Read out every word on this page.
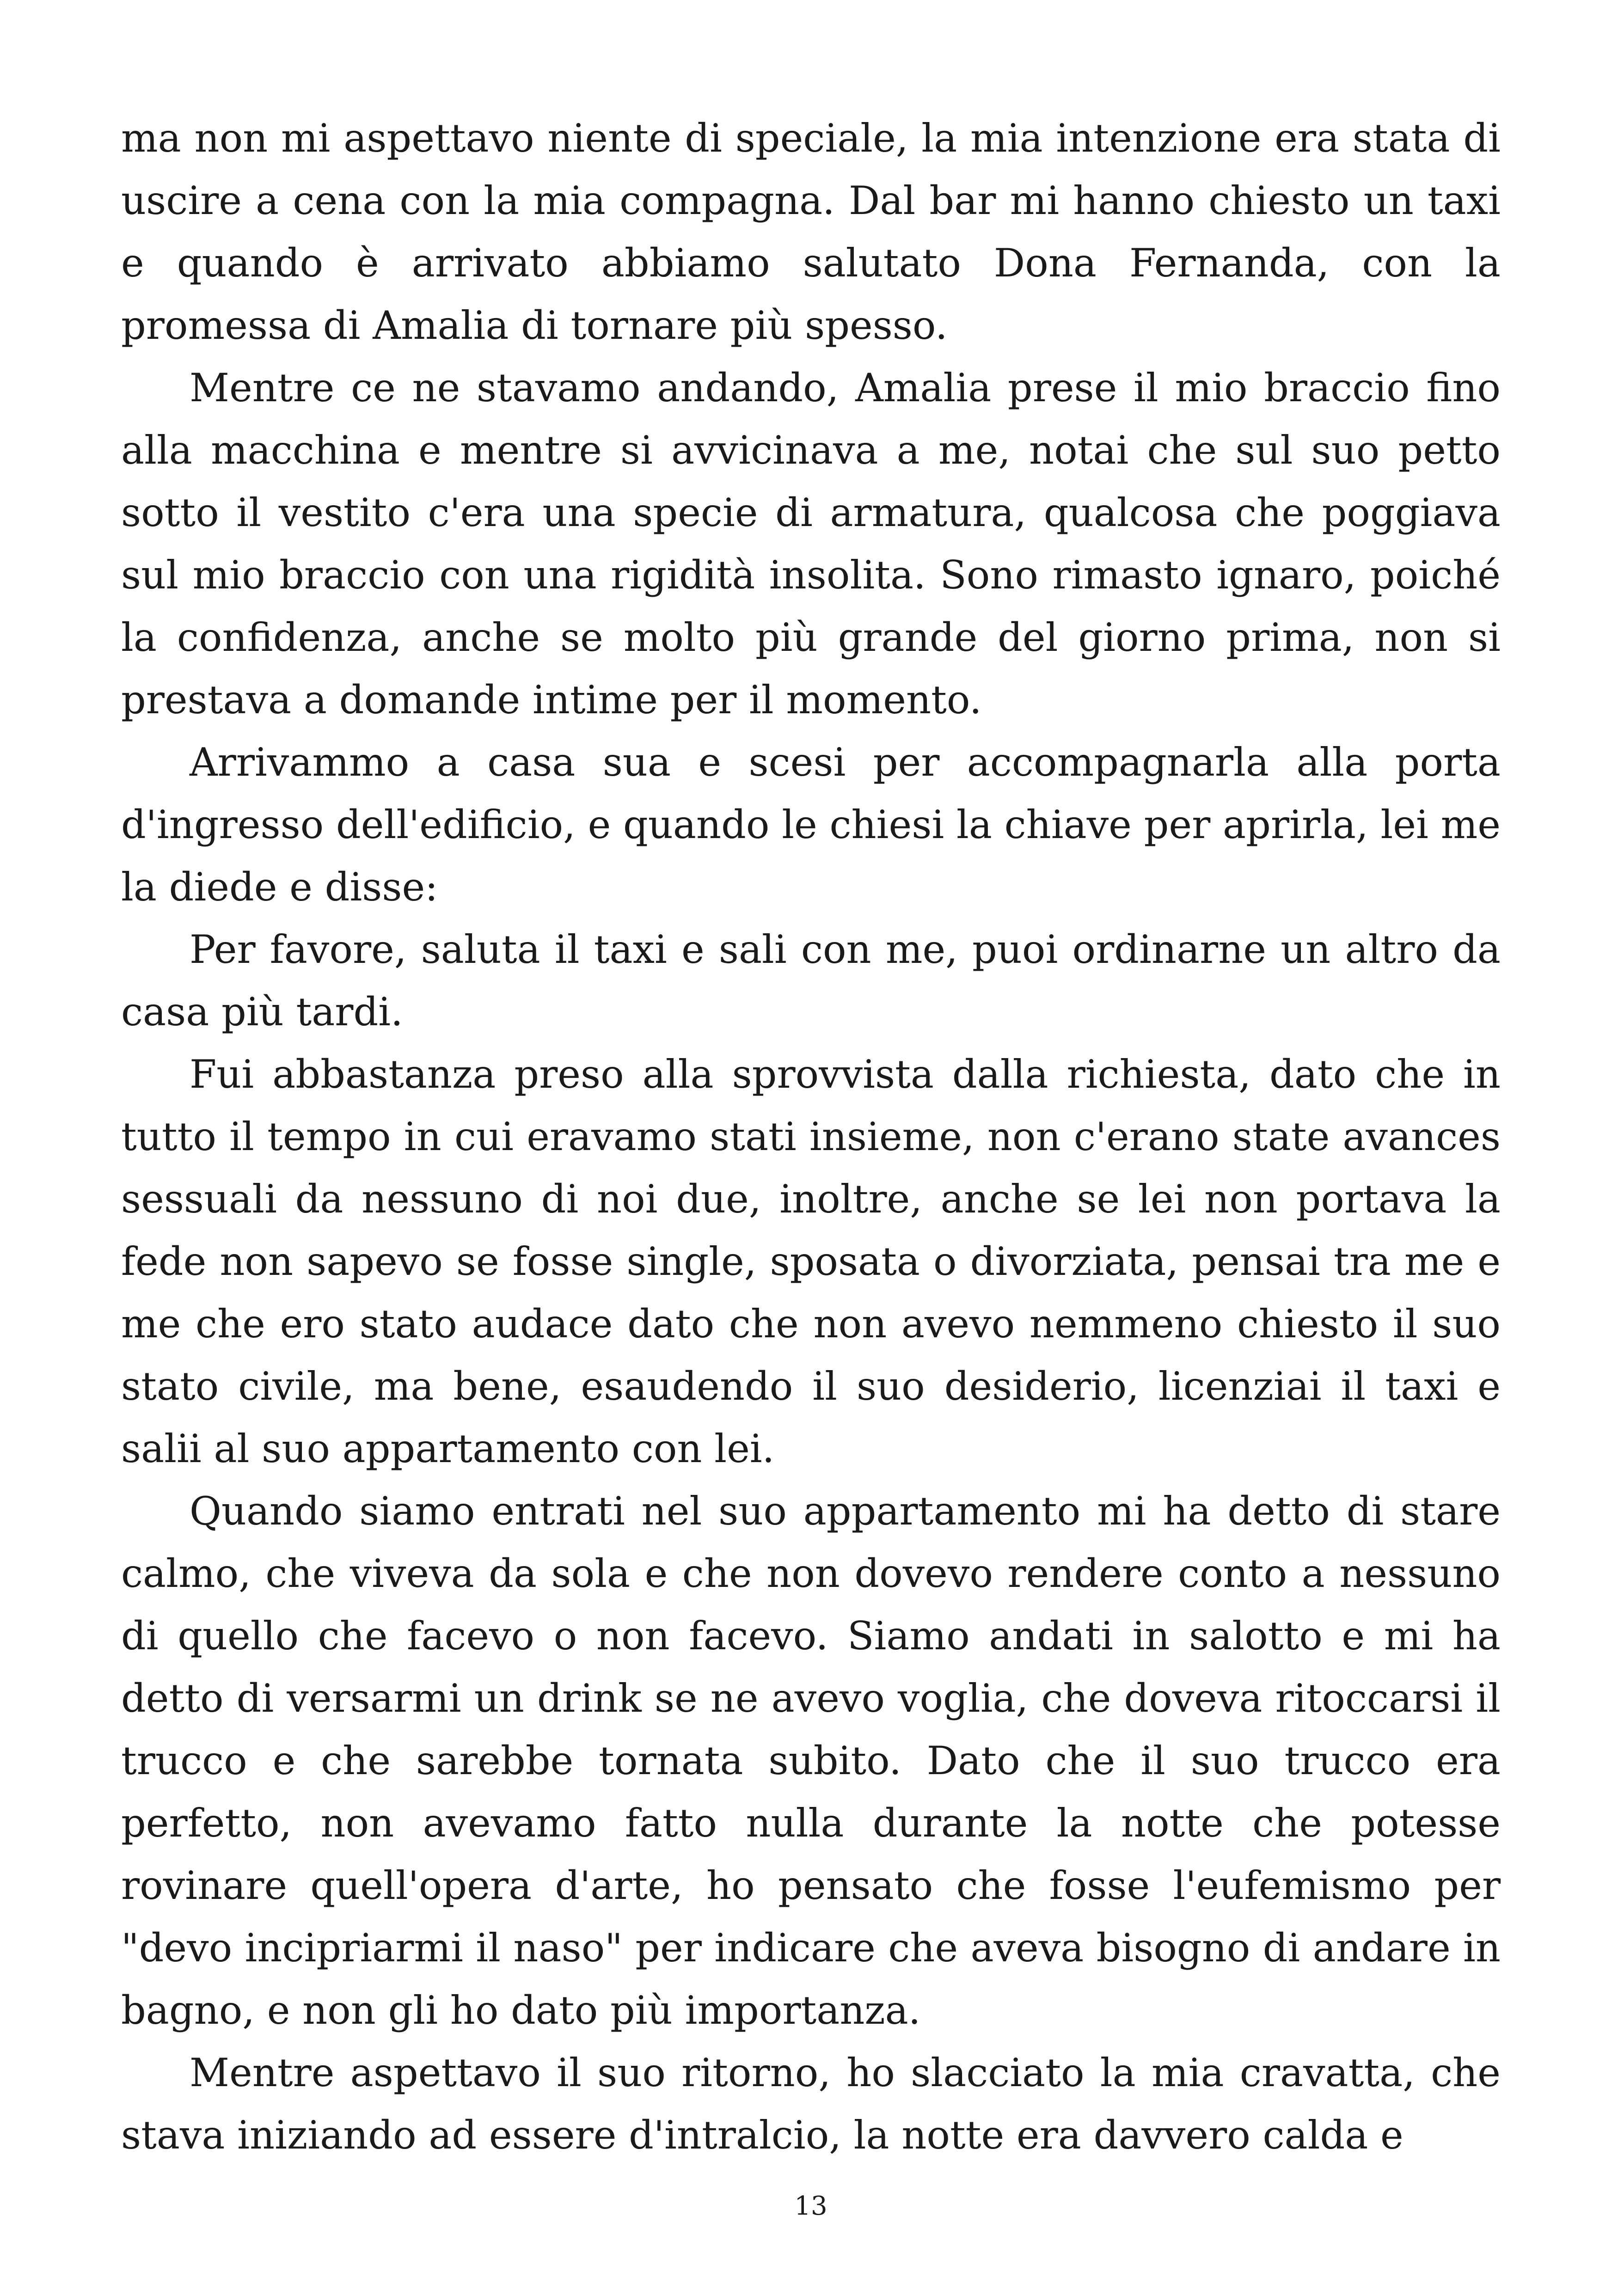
ma non mi aspettavo niente di speciale, la mia intenzione era stata di uscire a cena con la mia compagna. Dal bar mi hanno chiesto un taxi e quando è arrivato abbiamo salutato Dona Fernanda, con la promessa di Amalia di tornare più spesso.

Mentre ce ne stavamo andando, Amalia prese il mio braccio fino alla macchina e mentre si avvicinava a me, notai che sul suo petto sotto il vestito c'era una specie di armatura, qualcosa che poggiava sul mio braccio con una rigidità insolita. Sono rimasto ignaro, poiché la confidenza, anche se molto più grande del giorno prima, non si prestava a domande intime per il momento.

Arrivammo a casa sua e scesi per accompagnarla alla porta d'ingresso dell'edificio, e quando le chiesi la chiave per aprirla, lei me la diede e disse:

Per favore, saluta il taxi e sali con me, puoi ordinarne un altro da casa più tardi.

Fui abbastanza preso alla sprovvista dalla richiesta, dato che in tutto il tempo in cui eravamo stati insieme, non c'erano state avances sessuali da nessuno di noi due, inoltre, anche se lei non portava la fede non sapevo se fosse single, sposata o divorziata, pensai tra me e me che ero stato audace dato che non avevo nemmeno chiesto il suo stato civile, ma bene, esaudendo il suo desiderio, licenziai il taxi e salii al suo appartamento con lei.

Quando siamo entrati nel suo appartamento mi ha detto di stare calmo, che viveva da sola e che non dovevo rendere conto a nessuno di quello che facevo o non facevo. Siamo andati in salotto e mi ha detto di versarmi un drink se ne avevo voglia, che doveva ritoccarsi il trucco e che sarebbe tornata subito. Dato che il suo trucco era perfetto, non avevamo fatto nulla durante la notte che potesse rovinare quell'opera d'arte, ho pensato che fosse l'eufemismo per "devo incipriarmi il naso" per indicare che aveva bisogno di andare in bagno, e non gli ho dato più importanza.

Mentre aspettavo il suo ritorno, ho slacciato la mia cravatta, che stava iniziando ad essere d'intralcio, la notte era davvero calda e

13
